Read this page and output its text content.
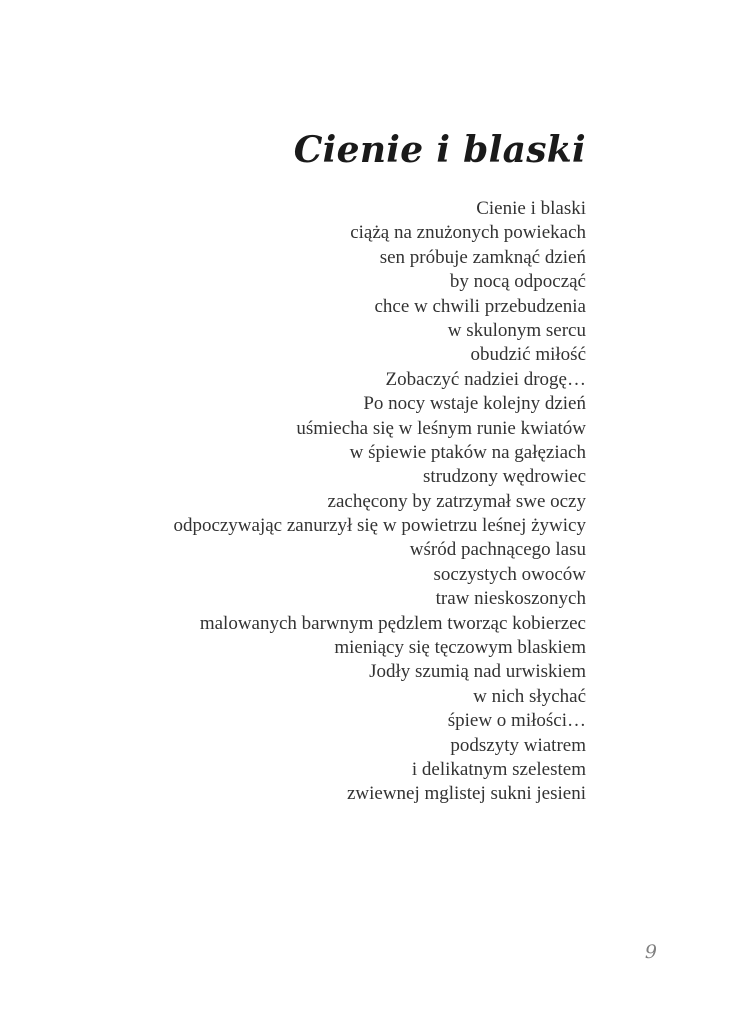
Cienie i blaski
Cienie i blaski
ciążą na znużonych powiekach
sen próbuje zamknąć dzień
by nocą odpocząć
chce w chwili przebudzenia
w skulonym sercu
obudzić miłość
Zobaczyć nadziei drogę…
Po nocy wstaje kolejny dzień
uśmiecha się w leśnym runie kwiatów
w śpiewie ptaków na gałęziach
strudzony wędrowiec
zachęcony by zatrzymał swe oczy
odpoczywając zanurzył się w powietrzu leśnej żywicy
wśród pachnącego lasu
soczystych owoców
traw nieskoszonych
malowanych barwnym pędzlem tworząc kobierzec
mieniący się tęczowym blaskiem
Jodły szumią nad urwiskiem
w nich słychać
śpiew o miłości…
podszyty wiatrem
i delikatnym szelestem
zwiewnej mglistej sukni jesieni
9
